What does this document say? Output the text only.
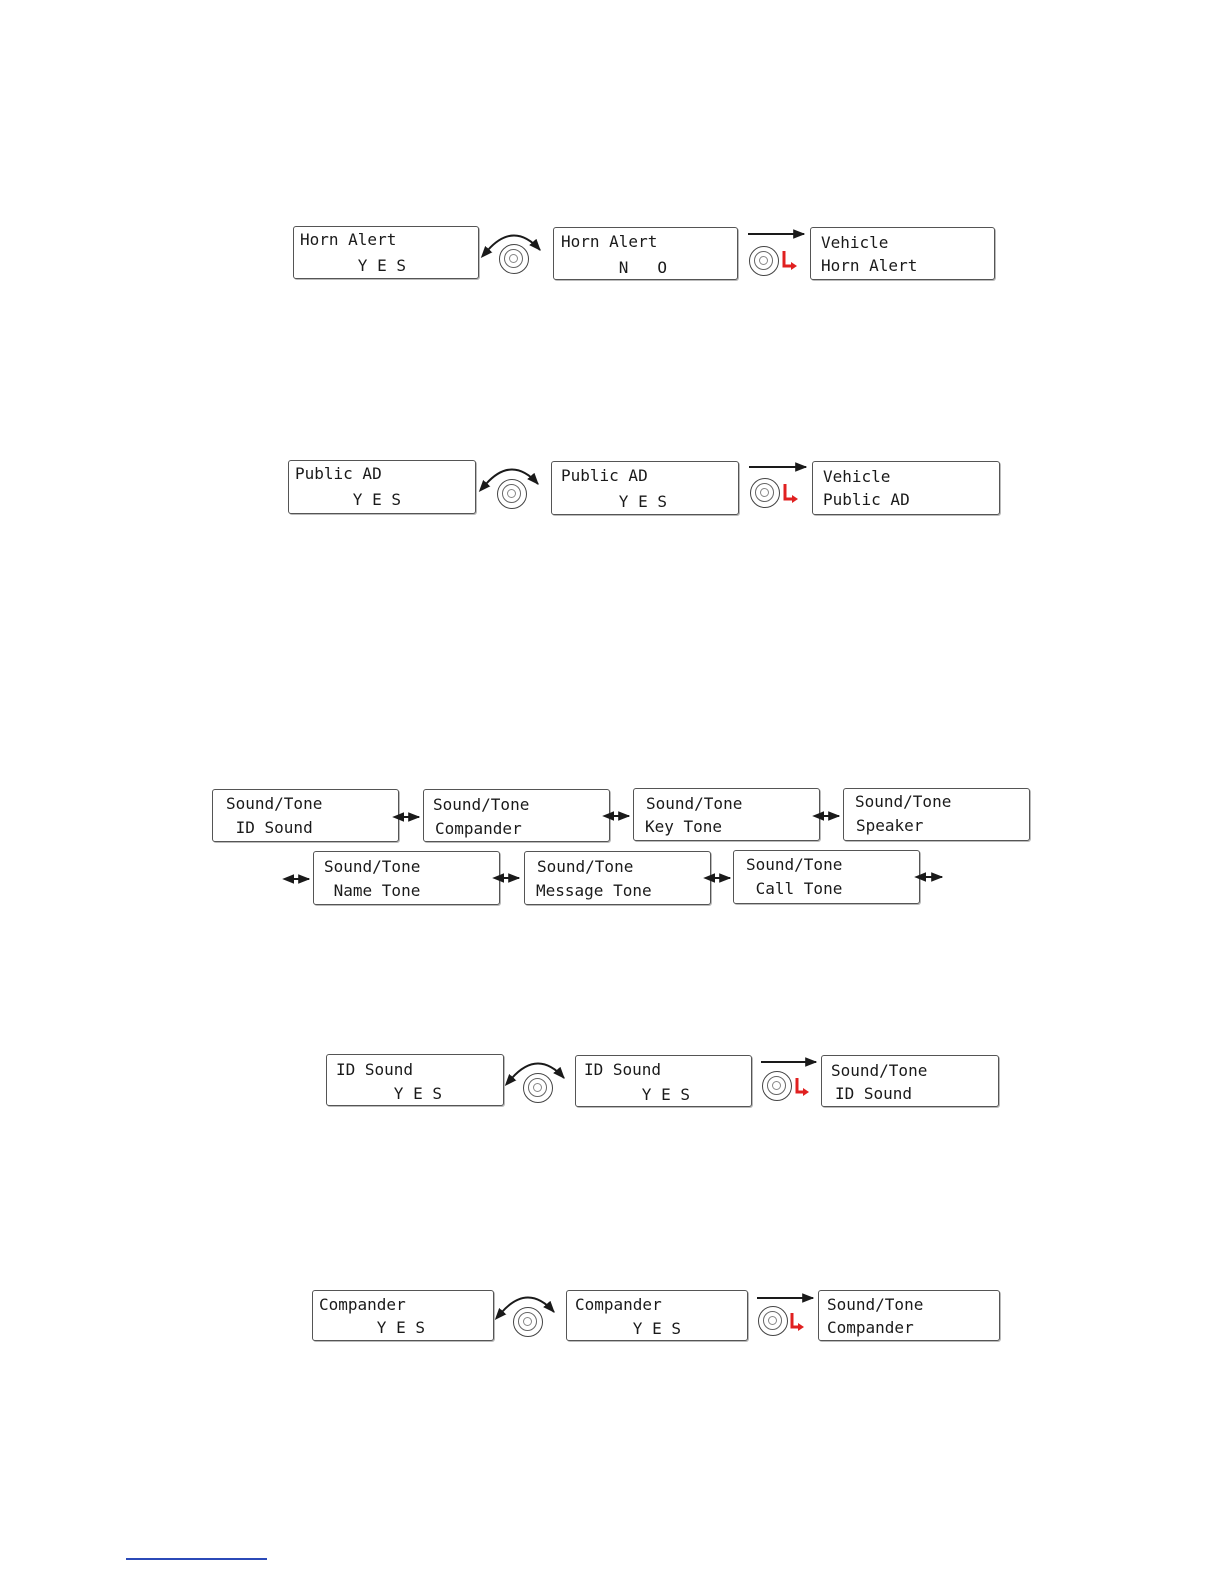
Horn Alert
Y E S
Horn Alert
N   O
Vehicle
Horn Alert
Public AD
Y E S
Public AD
Y E S
Vehicle
Public AD
Sound/Tone
ID Sound
Sound/Tone
Compander
Sound/Tone
Key Tone
Sound/Tone
Speaker
Sound/Tone
Name Tone
Sound/Tone
Message Tone
Sound/Tone
Call Tone
ID Sound
Y E S
ID Sound
Y E S
Sound/Tone
ID Sound
Compander
Y E S
Compander
Y E S
Sound/Tone
Compander
